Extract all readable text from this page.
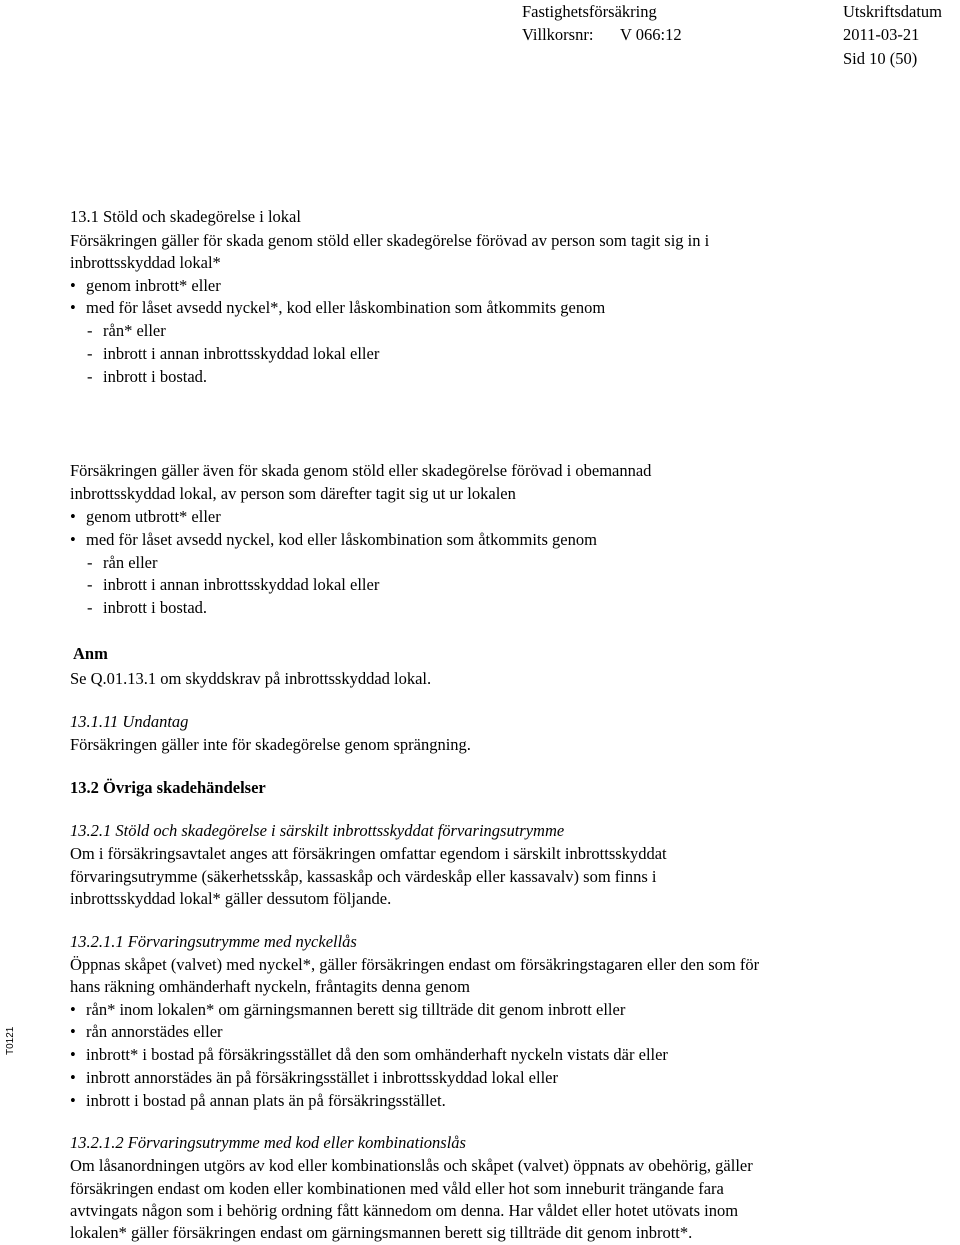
Fastighetsförsäkring
Villkorsnr: V 066:12
Utskriftsdatum
2011-03-21
Sid 10 (50)
T0121
13.1 Stöld och skadegörelse i lokal
Försäkringen gäller för skada genom stöld eller skadegörelse förövad av person som tagit sig in i
inbrottsskyddad lokal*
genom inbrott* eller
med för låset avsedd nyckel*, kod eller låskombination som åtkommits genom
- rån* eller
- inbrott i annan inbrottsskyddad lokal eller
- inbrott i bostad.
Försäkringen gäller även för skada genom stöld eller skadegörelse förövad i obemannad
inbrottsskyddad lokal, av person som därefter tagit sig ut ur lokalen
genom utbrott* eller
med för låset avsedd nyckel, kod eller låskombination som åtkommits genom
- rån eller
- inbrott i annan inbrottsskyddad lokal eller
- inbrott i bostad.
Anm
Se Q.01.13.1 om skyddskrav på inbrottsskyddad lokal.
13.1.11 Undantag
Försäkringen gäller inte för skadegörelse genom sprängning.
13.2 Övriga skadehändelser
13.2.1 Stöld och skadegörelse i särskilt inbrottsskyddat förvaringsutrymme
Om i försäkringsavtalet anges att försäkringen omfattar egendom i särskilt inbrottsskyddat
förvaringsutrymme (säkerhetsskåp, kassaskåp och värdeskåp eller kassavalv) som finns i
inbrottsskyddad lokal* gäller dessutom följande.
13.2.1.1 Förvaringsutrymme med nyckellås
Öppnas skåpet (valvet) med nyckel*, gäller försäkringen endast om försäkringstagaren eller den som för
hans räkning omhänderhaft nyckeln, fråntagits denna genom
rån* inom lokalen* om gärningsmannen berett sig tillträde dit genom inbrott eller
rån annorstädes eller
inbrott* i bostad på försäkringsstället då den som omhänderhaft nyckeln vistats där eller
inbrott annorstädes än på försäkringsstället i inbrottsskyddad lokal eller
inbrott i bostad på annan plats än på försäkringsstället.
13.2.1.2 Förvaringsutrymme med kod eller kombinationslås
Om låsanordningen utgörs av kod eller kombinationslås och skåpet (valvet) öppnats av obehörig, gäller
försäkringen endast om koden eller kombinationen med våld eller hot som inneburit trängande fara
avtvingats någon som i behörig ordning fått kännedom om denna. Har våldet eller hotet utövats inom
lokalen* gäller försäkringen endast om gärningsmannen berett sig tillträde dit genom inbrott*.
